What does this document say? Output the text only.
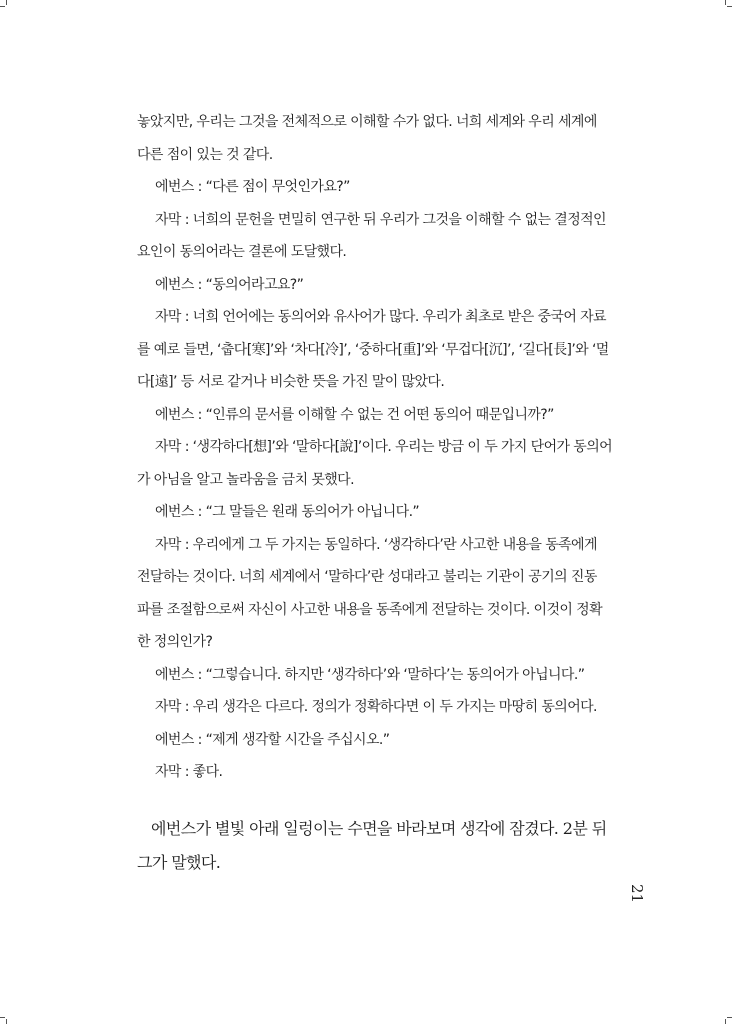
놓았지만, 우리는 그것을 전체적으로 이해할 수가 없다. 너희 세계와 우리 세계에

다른 점이 있는 것 같다.

에번스 : “다른 점이 무엇인가요?”

자막 : 너희의 문헌을 면밀히 연구한 뒤 우리가 그것을 이해할 수 없는 결정적인

요인이 동의어라는 결론에 도달했다.

에번스 : “동의어라고요?”

자막 : 너희 언어에는 동의어와 유사어가 많다. 우리가 최초로 받은 중국어 자료

를 예로 들면, ‘춥다[寒]’와 ‘차다[冷]’, ‘중하다[重]’와 ‘무겁다[沉]’, ‘길다[長]’와 ‘멀

다[遠]’ 등 서로 같거나 비슷한 뜻을 가진 말이 많았다.

에번스 : “인류의 문서를 이해할 수 없는 건 어떤 동의어 때문입니까?”

자막 : ‘생각하다[想]’와 ‘말하다[說]’이다. 우리는 방금 이 두 가지 단어가 동의어

가 아님을 알고 놀라움을 금치 못했다.

에번스 : “그 말들은 원래 동의어가 아닙니다.”

자막 : 우리에게 그 두 가지는 동일하다. ‘생각하다’란 사고한 내용을 동족에게

전달하는 것이다. 너희 세계에서 ‘말하다’란 성대라고 불리는 기관이 공기의 진동

파를 조절함으로써 자신이 사고한 내용을 동족에게 전달하는 것이다. 이것이 정확

한 정의인가?

에번스 : “그렇습니다. 하지만 ‘생각하다’와 ‘말하다’는 동의어가 아닙니다.”

자막 : 우리 생각은 다르다. 정의가 정확하다면 이 두 가지는 마땅히 동의어다.

에번스 : “제게 생각할 시간을 주십시오.”

자막 : 좋다.

에번스가 별빛 아래 일렁이는 수면을 바라보며 생각에 잠겼다. 2분 뒤 그가 말했다.

21
